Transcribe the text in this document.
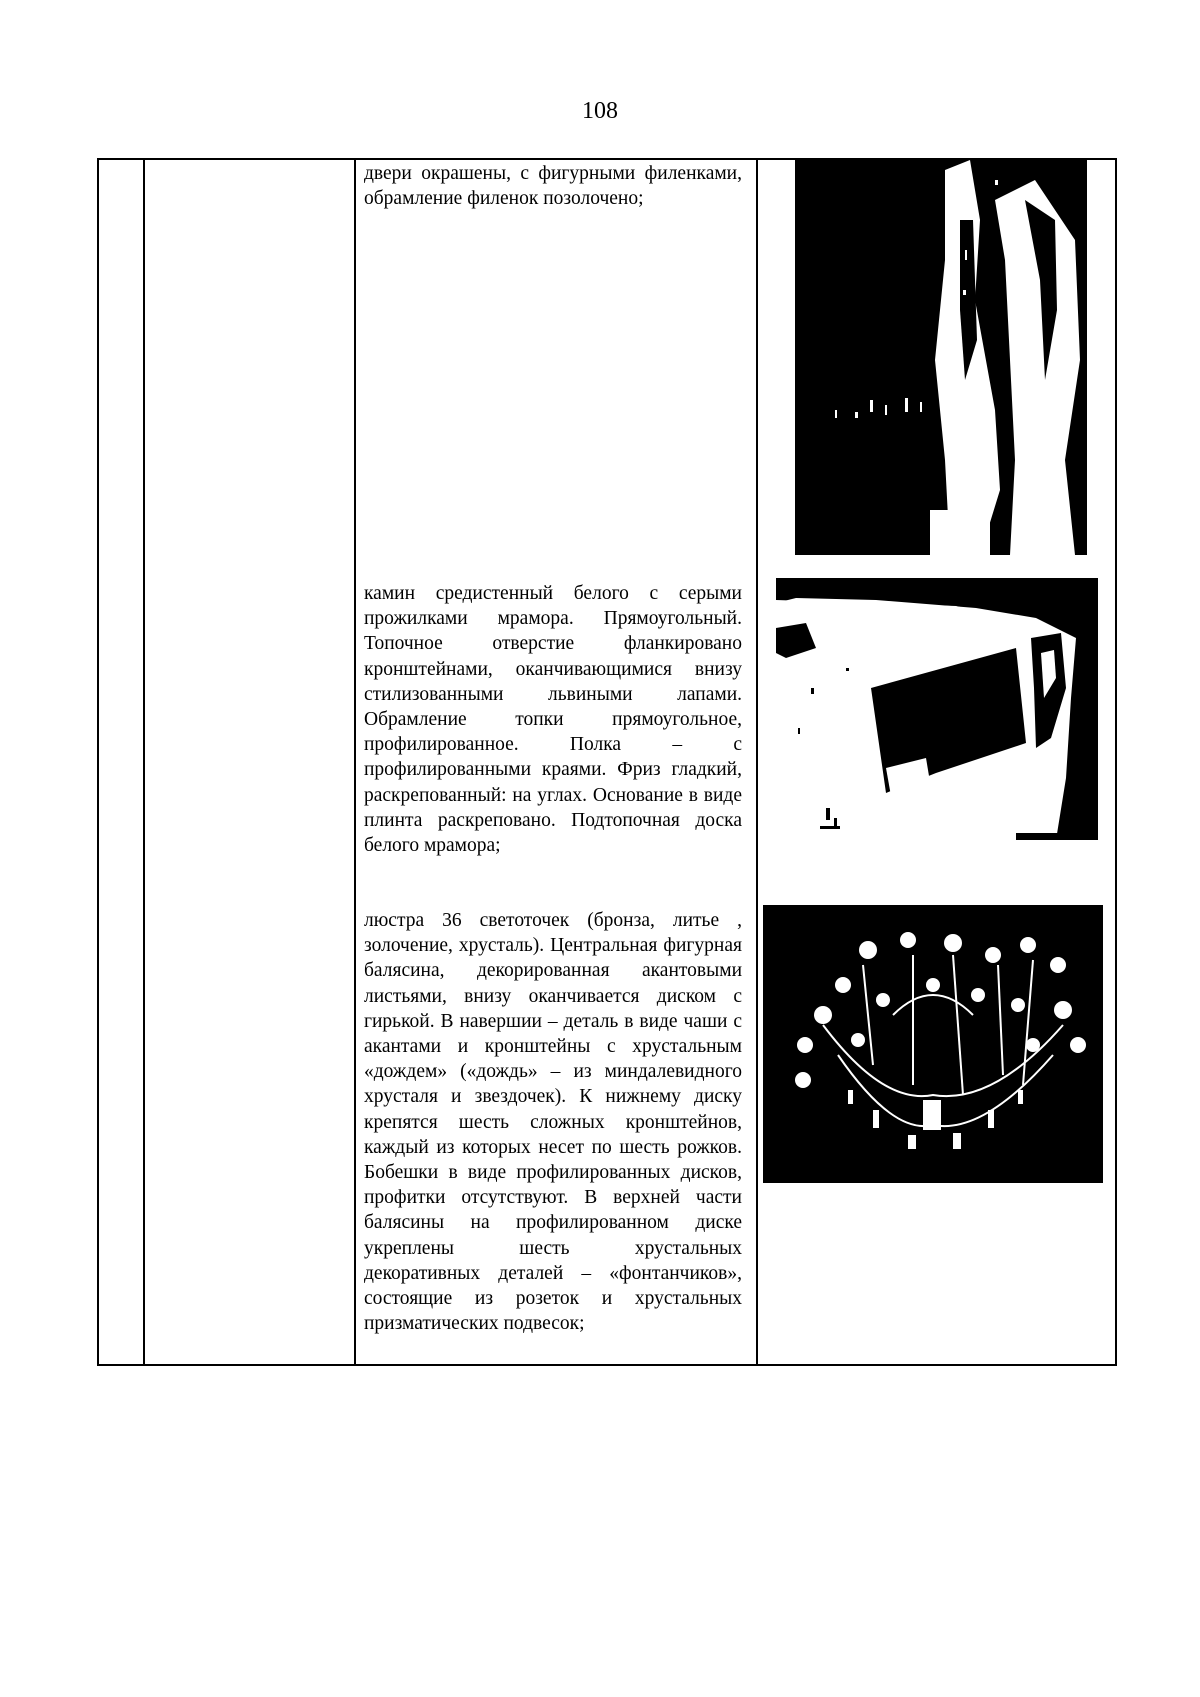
108
двери окрашены, с фигурными филенками, обрамление филенок позолочено;
камин средистенный белого с серыми прожилками мрамора. Прямоугольный. Топочное отверстие фланкировано кронштейнами, оканчивающимися внизу стилизованными львиными лапами. Обрамление топки прямоугольное, профилированное. Полка – с профилированными краями. Фриз гладкий, раскрепованный: на углах. Основание в виде плинта раскреповано. Подтопочная доска белого мрамора;
люстра 36 светоточек (бронза, литье , золочение, хрусталь). Центральная фигурная балясина, декорированная акантовыми листьями, внизу оканчивается диском с гирькой. В навершии – деталь в виде чаши с акантами и кронштейны с хрустальным «дождем» («дождь» – из миндалевидного хрусталя и звездочек). К нижнему диску крепятся шесть сложных кронштейнов, каждый из которых несет по шесть рожков. Бобешки в виде профилированных дисков, профитки отсутствуют. В верхней части балясины на профилированном диске укреплены шесть хрустальных декоративных деталей – «фонтанчиков», состоящие из розеток и хрустальных призматических подвесок;
